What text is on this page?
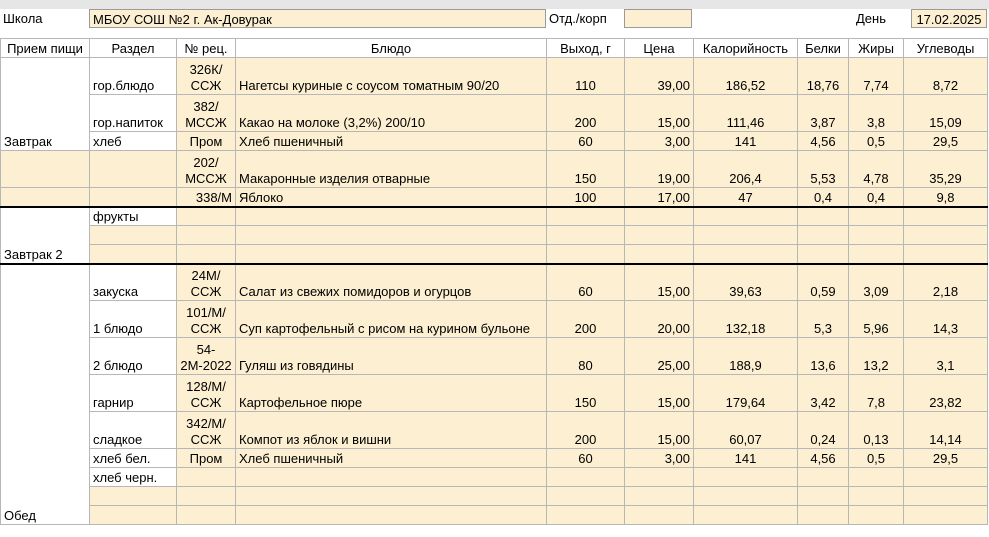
Школа	МБОУ СОШ №2 г. Ак-Довурак	Отд./корп	День	17.02.2025
Прием пищи	Раздел	№ рец.	Блюдо	Выход, г	Цена	Калорийность	Белки	Жиры	Углеводы
Завтрак	гор.блюдо	326К/ССЖ	Нагетсы куриные с соусом томатным 90/20	110	39,00	186,52	18,76	7,74	8,72
	гор.напиток	382/МССЖ	Какао на молоке (3,2%) 200/10	200	15,00	111,46	3,87	3,8	15,09
	хлеб	Пром	Хлеб пшеничный	60	3,00	141	4,56	0,5	29,5
		202/МССЖ	Макаронные изделия отварные	150	19,00	206,4	5,53	4,78	35,29
		338/М	Яблоко	100	17,00	47	0,4	0,4	9,8
Завтрак 2	фрукты								

Обед	закуска	24М/ССЖ	Салат из свежих помидоров и огурцов	60	15,00	39,63	0,59	3,09	2,18
	1 блюдо	101/М/ССЖ	Суп картофельный с рисом на курином бульоне	200	20,00	132,18	5,3	5,96	14,3
	2 блюдо	54-2М-2022	Гуляш из говядины	80	25,00	188,9	13,6	13,2	3,1
	гарнир	128/М/ССЖ	Картофельное пюре	150	15,00	179,64	3,42	7,8	23,82
	сладкое	342/М/ССЖ	Компот из яблок и вишни	200	15,00	60,07	0,24	0,13	14,14
	хлеб бел.	Пром	Хлеб пшеничный	60	3,00	141	4,56	0,5	29,5
	хлеб черн.								
